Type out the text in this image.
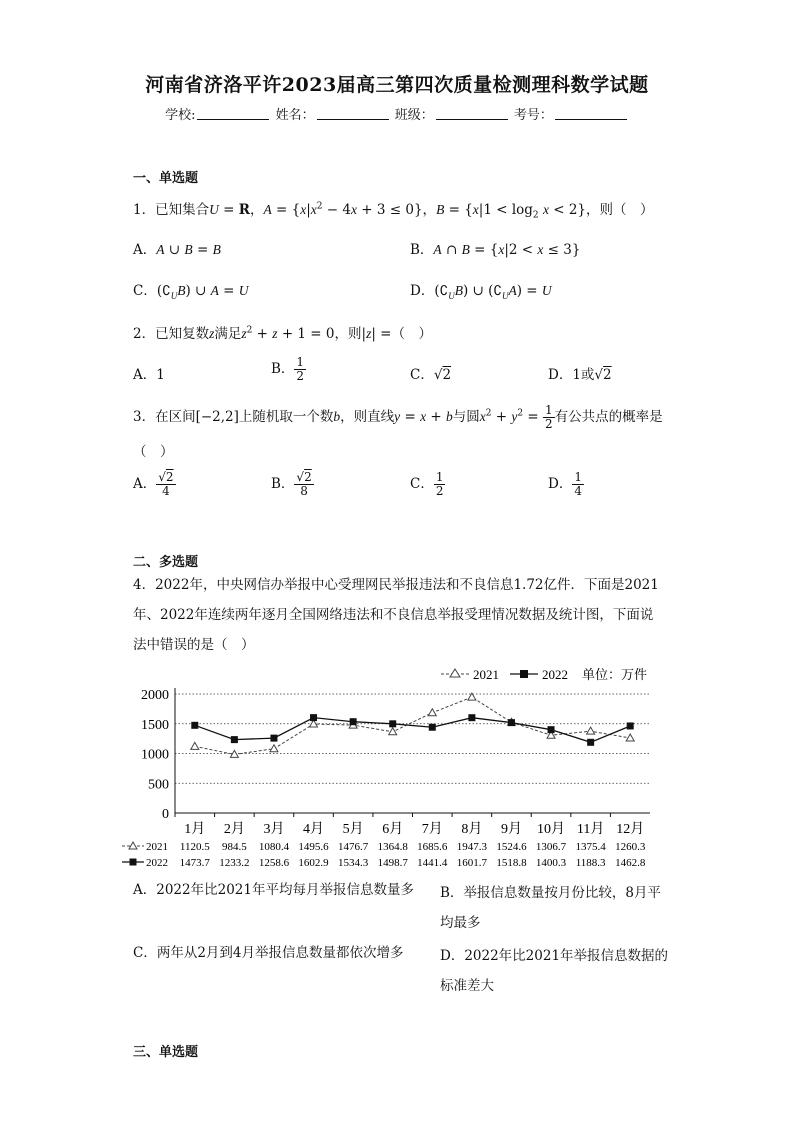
河南省济洛平许2023届高三第四次质量检测理科数学试题
学校:	姓名：	班级：	考号：
一、单选题
1．已知集合U = R，$A = \{x|x^2 - 4x + 3 \le 0\}$，$B = \{x|1 < \log_2 x < 2\}$，则（　）
A．A ∪ B = B	B．A ∩ B = {x|2 < x ≤ 3}
C．$(∁_UB)$ ∪ A = U	D．$(∁_UB)$ ∪ $(∁_UA) = U$
2．已知复数z满足$z^2 + z + 1 = 0$，则|z| =（　）
A．1	B． $\frac{1}{2}$	C．√2	D．1或√2
3．在区间[−2,2]上随机取一个数b，则直线y = x + b与圆$x^2 + y^2 = \frac{1}{2}$ 有公共点的概率是
（　）
A． $\frac{√2}{4}$	B． $\frac{√2}{8}$	C． $\frac{1}{2}$	D． $\frac{1}{4}$
二、多选题
4．2022年，中央网信办举报中心受理网民举报违法和不良信息1.72亿件．下面是2021年、2022年连续两年逐月全国网络违法和不良信息举报受理情况数据及统计图，下面说法中错误的是（　）
2021	2022 单位：万件
0
500
1000
1500
2000
1月 2月 3月 4月 5月 6月 7月 8月 9月 10月 11月 12月
2021 1120.5 984.5 1080.4 1495.6 1476.7 1364.8 1685.6 1947.3 1524.6 1306.7 1375.4 1260.3
2022 1473.7 1233.2 1258.6 1602.9 1534.3 1498.7 1441.4 1601.7 1518.8 1400.3 1188.3 1462.8
A．2022年比2021年平均每月举报信息数量多 B．举报信息数量按月份比较，8月平均最多
C．两年从2月到4月举报信息数量都依次增多	D．2022年比2021年举报信息数据的标准差大
三、单选题
